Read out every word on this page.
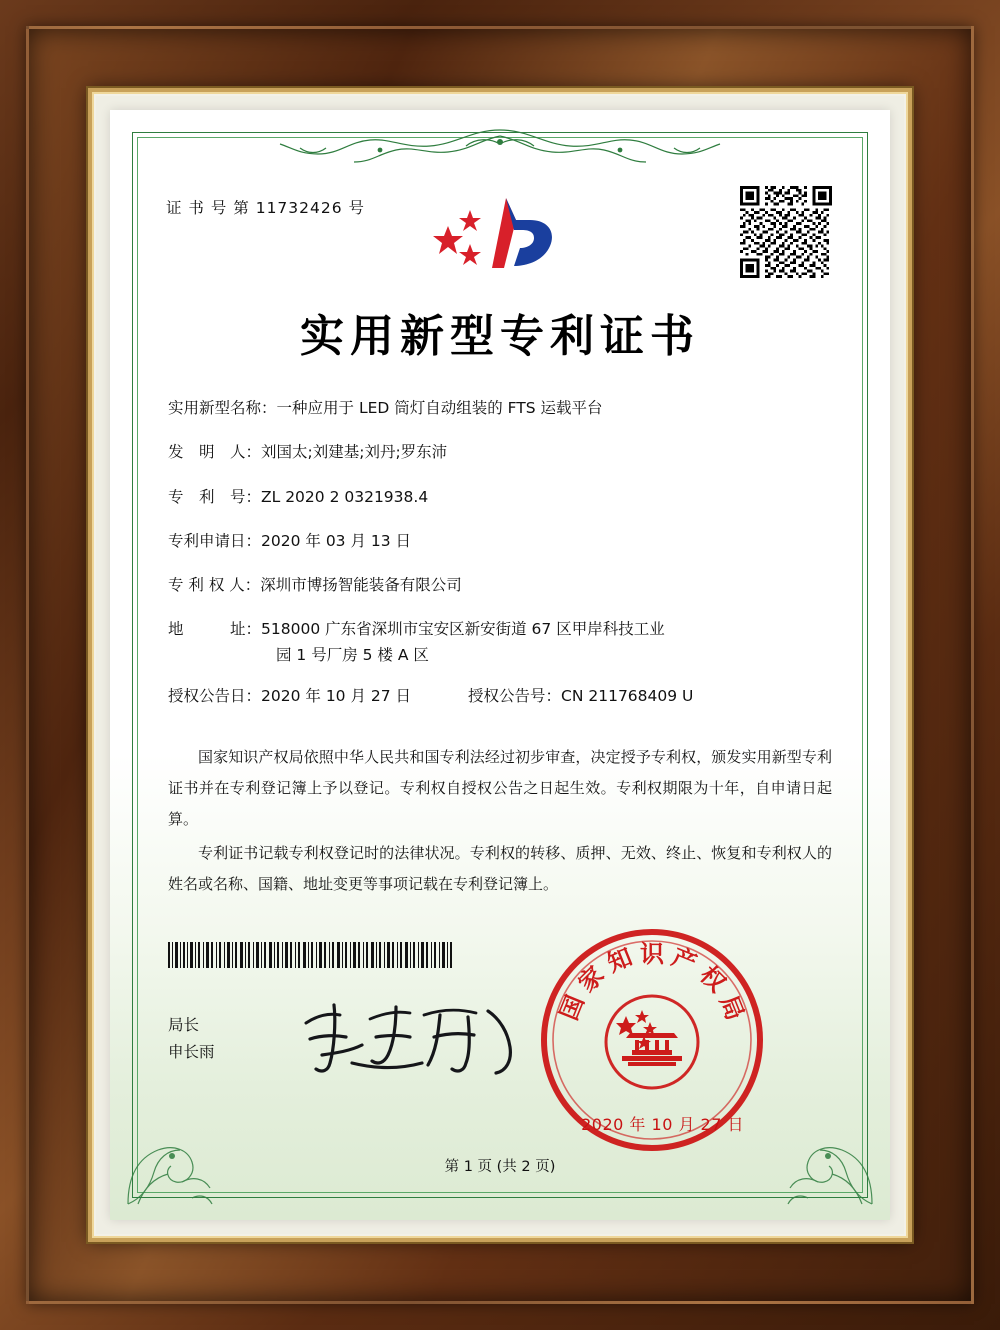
证 书 号 第 11732426 号
实用新型专利证书
实用新型名称： 一种应用于 LED 筒灯自动组装的 FTS 运载平台
发　明　人： 刘国太;刘建基;刘丹;罗东沛
专　利　号： ZL 2020 2 0321938.4
专利申请日： 2020 年 03 月 13 日
专 利 权 人： 深圳市博扬智能装备有限公司
地　　　址： 518000 广东省深圳市宝安区新安街道 67 区甲岸科技工业
园 1 号厂房 5 楼 A 区
授权公告日：2020 年 10 月 27 日	授权公告号：CN 211768409 U

国家知识产权局依照中华人民共和国专利法经过初步审查，决定授予专利权，颁发实用新型专利证书并在专利登记簿上予以登记。专利权自授权公告之日起生效。专利权期限为十年，自申请日起算。

专利证书记载专利权登记时的法律状况。专利权的转移、质押、无效、终止、恢复和专利权人的姓名或名称、国籍、地址变更等事项记载在专利登记簿上。

局长
申长雨
国
家
知 识 产
权
局
2020 年 10 月 27 日
第 1 页 (共 2 页)
